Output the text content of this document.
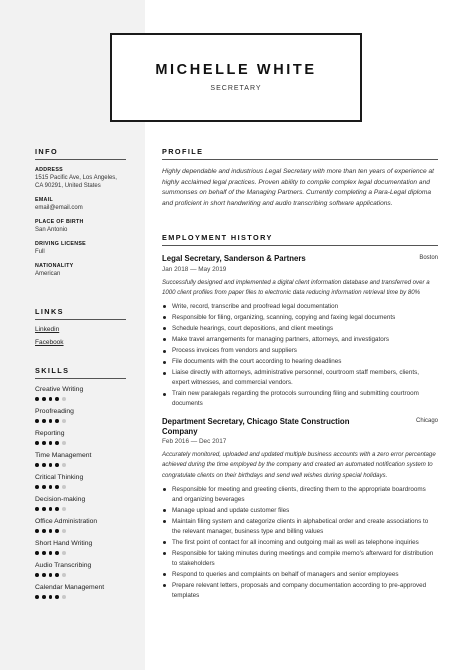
MICHELLE WHITE
SECRETARY
INFO
ADDRESS
1515 Pacific Ave, Los Angeles, CA 90291, United States
EMAIL
email@email.com
PLACE OF BIRTH
San Antonio
DRIVING LICENSE
Full
NATIONALITY
American
LINKS
Linkedin
Facebook
SKILLS
Creative Writing
Proofreading
Reporting
Time Management
Critical Thinking
Decision-making
Office Administration
Short Hand Writing
Audio Transcribing
Calendar Management
PROFILE
Highly dependable and industrious Legal Secretary with more than ten years of experience at highly acclaimed legal practices. Proven ability to compile complex legal documentation and summonses on behalf of the Managing Partners. Currently completing a Para-Legal diploma and proficient in short handwriting and audio transcribing software applications.
EMPLOYMENT HISTORY
Legal Secretary, Sanderson & Partners	Boston
Jan 2018 — May 2019
Successfully designed and implemented a digital client information database and transferred over a 1000 client profiles from paper files to electronic data reducing information retrieval time by 80%
Write, record, transcribe and proofread legal documentation
Responsible for filing, organizing, scanning, copying and faxing legal documents
Schedule hearings, court depositions, and client meetings
Make travel arrangements for managing partners, attorneys, and investigators
Process invoices from vendors and suppliers
File documents with the court according to hearing deadlines
Liaise directly with attorneys, administrative personnel, courtroom staff members, clients, expert witnesses, and commercial vendors.
Train new paralegals regarding the protocols surrounding filing and submitting courtroom documents
Department Secretary, Chicago State Construction Company
Chicago
Feb 2016 — Dec 2017
Accurately monitored, uploaded and updated multiple business accounts with a zero error percentage achieved during the time employed by the company and created an automated notification system to congratulate clients on their birthdays and send well wishes during special holidays.
Responsible for meeting and greeting clients, directing them to the appropriate boardrooms and organizing beverages
Manage upload and update customer files
Maintain filing system and categorize clients in alphabetical order and create associations to the relevant manager, business type and billing values
The first point of contact for all incoming and outgoing mail as well as telephone inquiries
Responsible for taking minutes during meetings and compile memo's afterward for distribution to stakeholders
Respond to queries and complaints on behalf of managers and senior employees
Prepare relevant letters, proposals and company documentation according to pre-approved templates
